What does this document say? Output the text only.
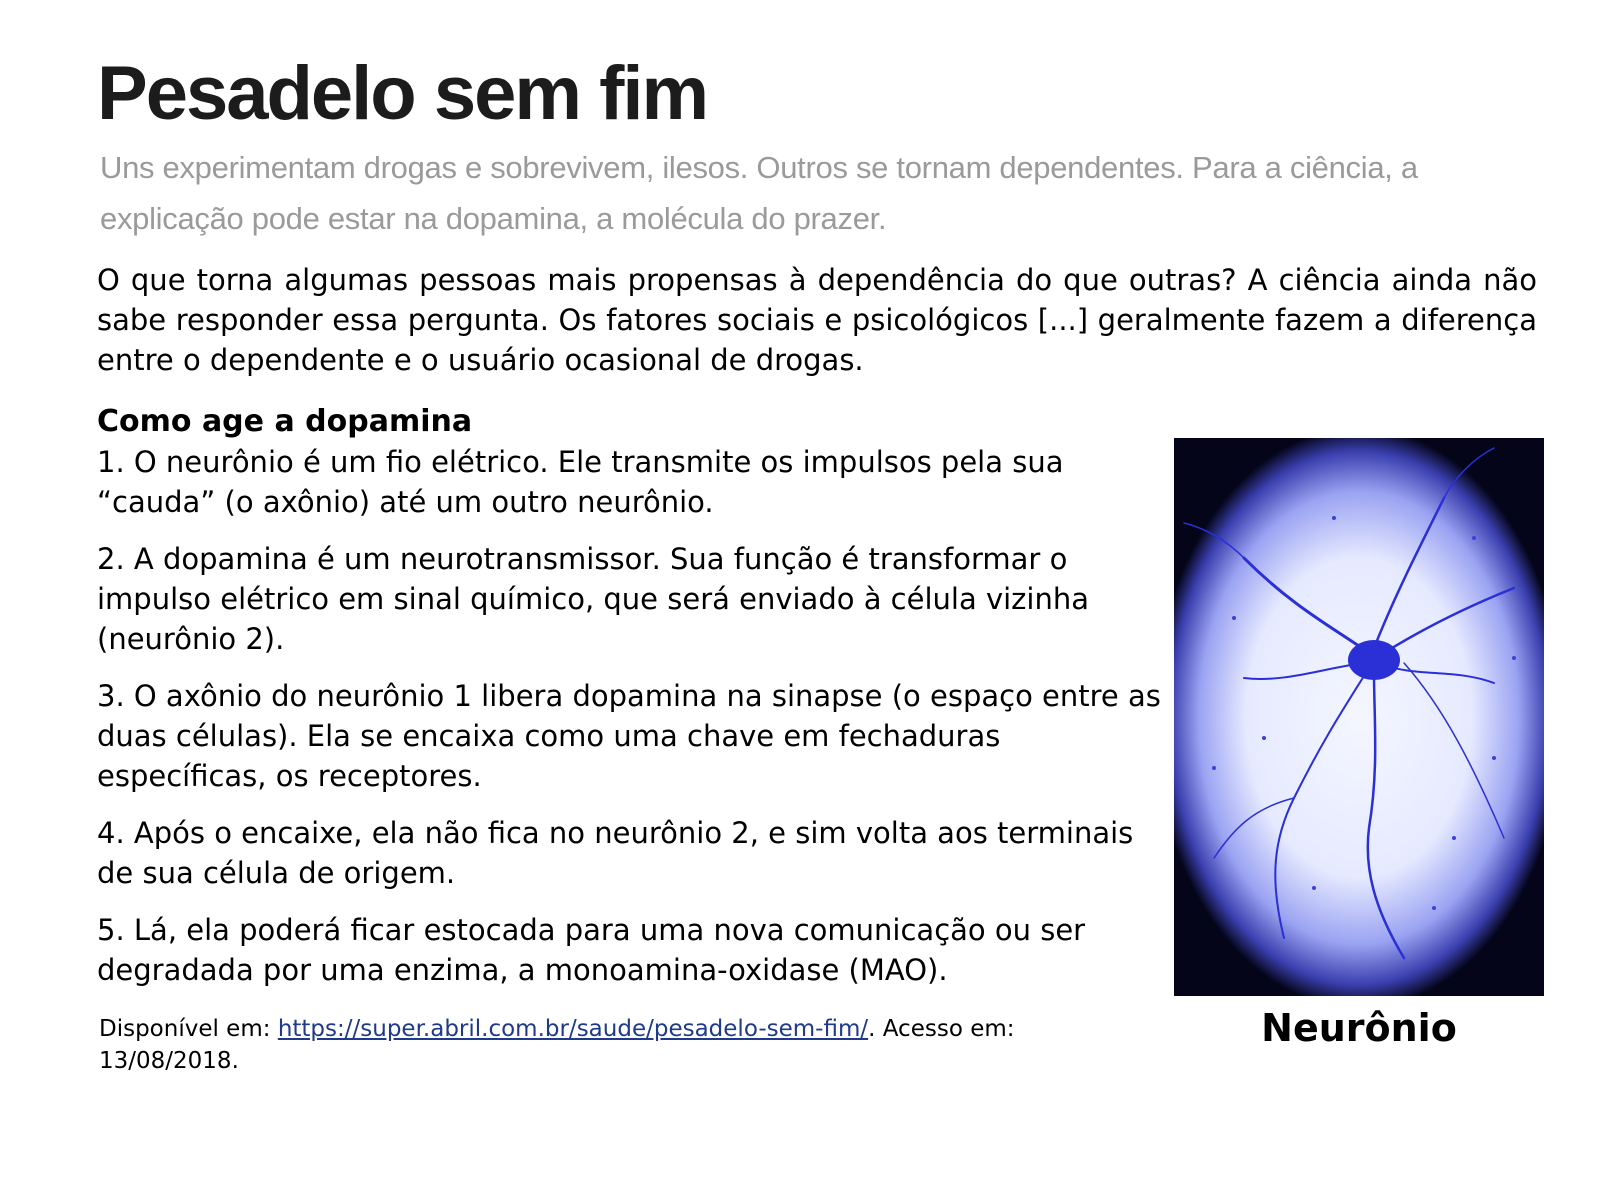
Pesadelo sem fim

Uns experimentam drogas e sobrevivem, ilesos. Outros se tornam dependentes. Para a ciência, a explicação pode estar na dopamina, a molécula do prazer.

O que torna algumas pessoas mais propensas à dependência do que outras? A ciência ainda não sabe responder essa pergunta. Os fatores sociais e psicológicos [...] geralmente fazem a diferença entre o dependente e o usuário ocasional de drogas.

Como age a dopamina
1. O neurônio é um fio elétrico. Ele transmite os impulsos pela sua “cauda” (o axônio) até um outro neurônio.
2. A dopamina é um neurotransmissor. Sua função é transformar o impulso elétrico em sinal químico, que será enviado à célula vizinha (neurônio 2).
3. O axônio do neurônio 1 libera dopamina na sinapse (o espaço entre as duas células). Ela se encaixa como uma chave em fechaduras específicas, os receptores.
4. Após o encaixe, ela não fica no neurônio 2, e sim volta aos terminais de sua célula de origem.
5. Lá, ela poderá ficar estocada para uma nova comunicação ou ser degradada por uma enzima, a monoamina-oxidase (MAO).

Disponível em: https://super.abril.com.br/saude/pesadelo-sem-fim/. Acesso em: 13/08/2018.

Neurônio
